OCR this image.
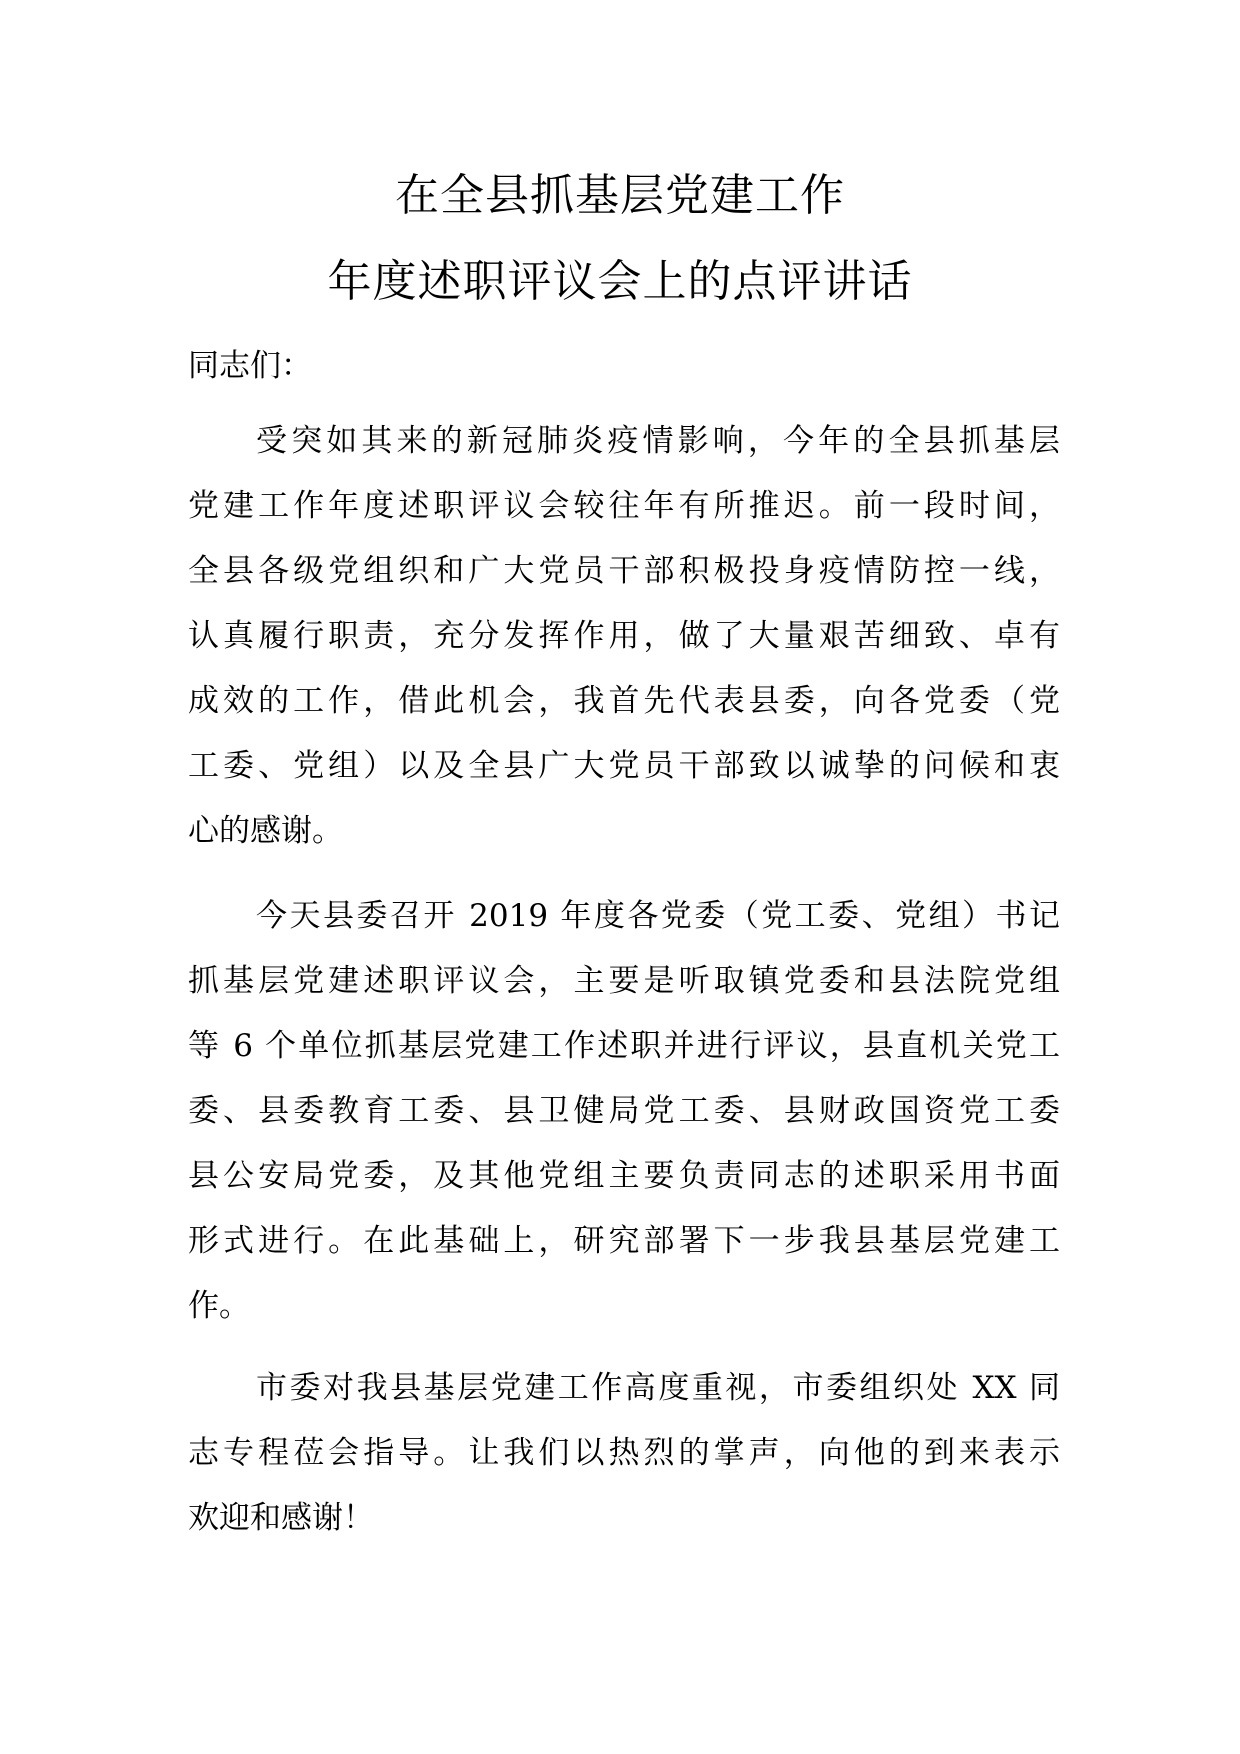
在全县抓基层党建工作
年度述职评议会上的点评讲话
同志们：
受突如其来的新冠肺炎疫情影响，今年的全县抓基层
党建工作年度述职评议会较往年有所推迟。前一段时间，
全县各级党组织和广大党员干部积极投身疫情防控一线，
认真履行职责，充分发挥作用，做了大量艰苦细致、卓有
成效的工作，借此机会，我首先代表县委，向各党委（党
工委、党组）以及全县广大党员干部致以诚挚的问候和衷
心的感谢。
今天县委召开 2019 年度各党委（党工委、党组）书记
抓基层党建述职评议会，主要是听取镇党委和县法院党组
等 6 个单位抓基层党建工作述职并进行评议，县直机关党工
委、县委教育工委、县卫健局党工委、县财政国资党工委
县公安局党委，及其他党组主要负责同志的述职采用书面
形式进行。在此基础上，研究部署下一步我县基层党建工
作。
市委对我县基层党建工作高度重视，市委组织处 XX 同
志专程莅会指导。让我们以热烈的掌声，向他的到来表示
欢迎和感谢！
